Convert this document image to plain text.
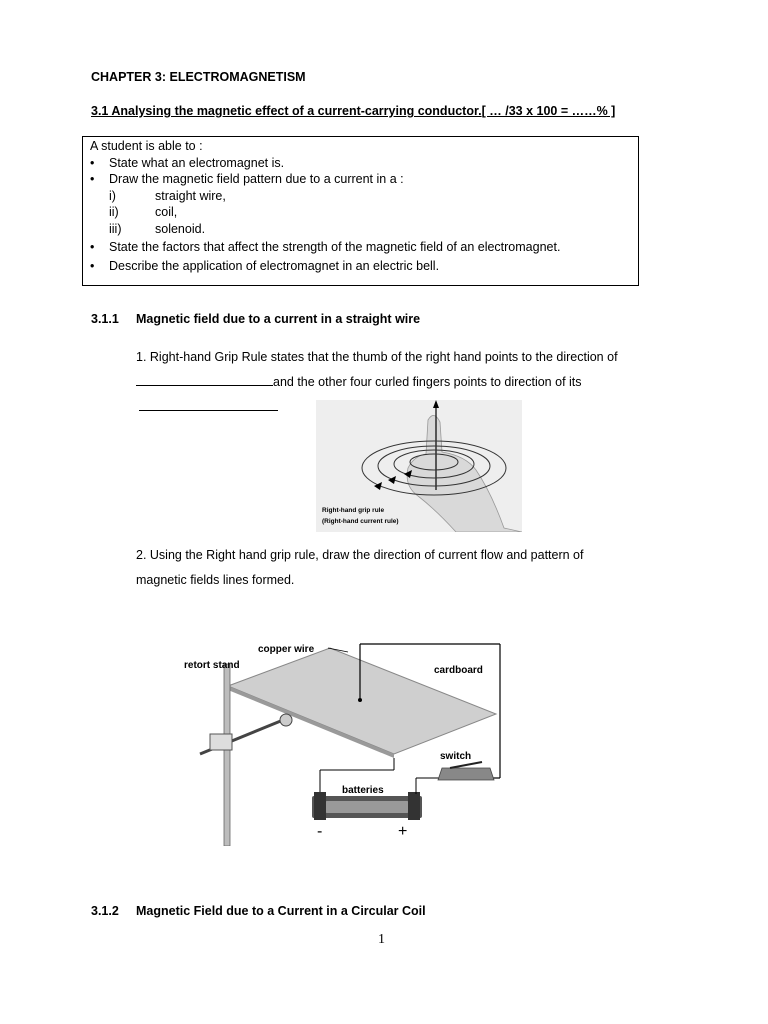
CHAPTER 3: ELECTROMAGNETISM
3.1 Analysing the magnetic effect of a current-carrying conductor.[ … /33 x 100 = ……% ]
A student is able to :
• State what an electromagnet is.
• Draw the magnetic field pattern due to a current in a :
i)	straight wire,
ii)	coil,
iii)	solenoid.
• State the factors that affect the strength of the magnetic field of an electromagnet.
• Describe the application of electromagnet in an electric bell.
3.1.1 Magnetic field due to a current in a straight wire
1. Right-hand Grip Rule states that the thumb of the right hand points to the direction of
and the other four curled fingers points to direction of its
Right-hand grip rule
(Right-hand current rule)
2. Using the Right hand grip rule, draw the direction of current flow and pattern of
magnetic fields lines formed.
copper wire
retort stand	cardboard
switch
batteries
-	+
3.1.2 Magnetic Field due to a Current in a Circular Coil
1
